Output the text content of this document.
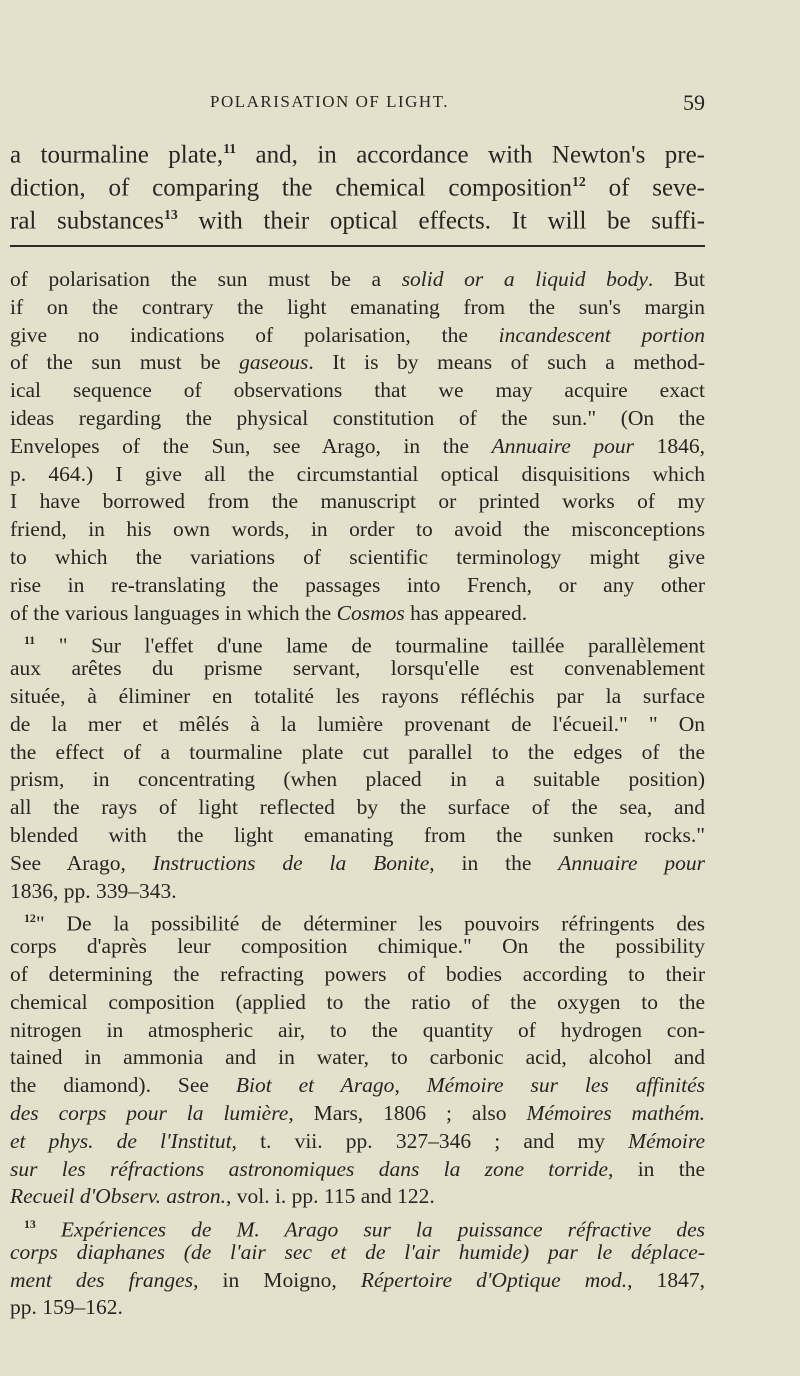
POLARISATION OF LIGHT.	59
a tourmaline plate,$^{11}$ and, in accordance with Newton's pre-
diction, of comparing the chemical composition$^{12}$ of seve-
ral substances$^{13}$ with their optical effects. It will be suffi-
of polarisation the sun must be a solid or a liquid body. But
if on the contrary the light emanating from the sun's margin
give no indications of polarisation, the incandescent portion
of the sun must be gaseous. It is by means of such a method-
ical sequence of observations that we may acquire exact
ideas regarding the physical constitution of the sun." (On the
Envelopes of the Sun, see Arago, in the Annuaire pour 1846,
p. 464.) I give all the circumstantial optical disquisitions which
I have borrowed from the manuscript or printed works of my
friend, in his own words, in order to avoid the misconceptions
to which the variations of scientific terminology might give
rise in re-translating the passages into French, or any other
of the various languages in which the Cosmos has appeared.
$^{11}$ " Sur l'effet d'une lame de tourmaline taillée parallèlement
aux arêtes du prisme servant, lorsqu'elle est convenablement
située, à éliminer en totalité les rayons réfléchis par la surface
de la mer et mêlés à la lumière provenant de l'écueil." " On
the effect of a tourmaline plate cut parallel to the edges of the
prism, in concentrating (when placed in a suitable position)
all the rays of light reflected by the surface of the sea, and
blended with the light emanating from the sunken rocks."
See Arago, Instructions de la Bonite, in the Annuaire pour
1836, pp. 339–343.
$^{12}$" De la possibilité de déterminer les pouvoirs réfringents des
corps d'après leur composition chimique." On the possibility
of determining the refracting powers of bodies according to their
chemical composition (applied to the ratio of the oxygen to the
nitrogen in atmospheric air, to the quantity of hydrogen con-
tained in ammonia and in water, to carbonic acid, alcohol and
the diamond). See Biot et Arago, Mémoire sur les affinités
des corps pour la lumière, Mars, 1806 ; also Mémoires mathém.
et phys. de l'Institut, t. vii. pp. 327–346 ; and my Mémoire
sur les réfractions astronomiques dans la zone torride, in the
Recueil d'Observ. astron., vol. i. pp. 115 and 122.
$^{13}$ Expériences de M. Arago sur la puissance réfractive des
corps diaphanes (de l'air sec et de l'air humide) par le déplace-
ment des franges, in Moigno, Répertoire d'Optique mod., 1847,
pp. 159–162.
